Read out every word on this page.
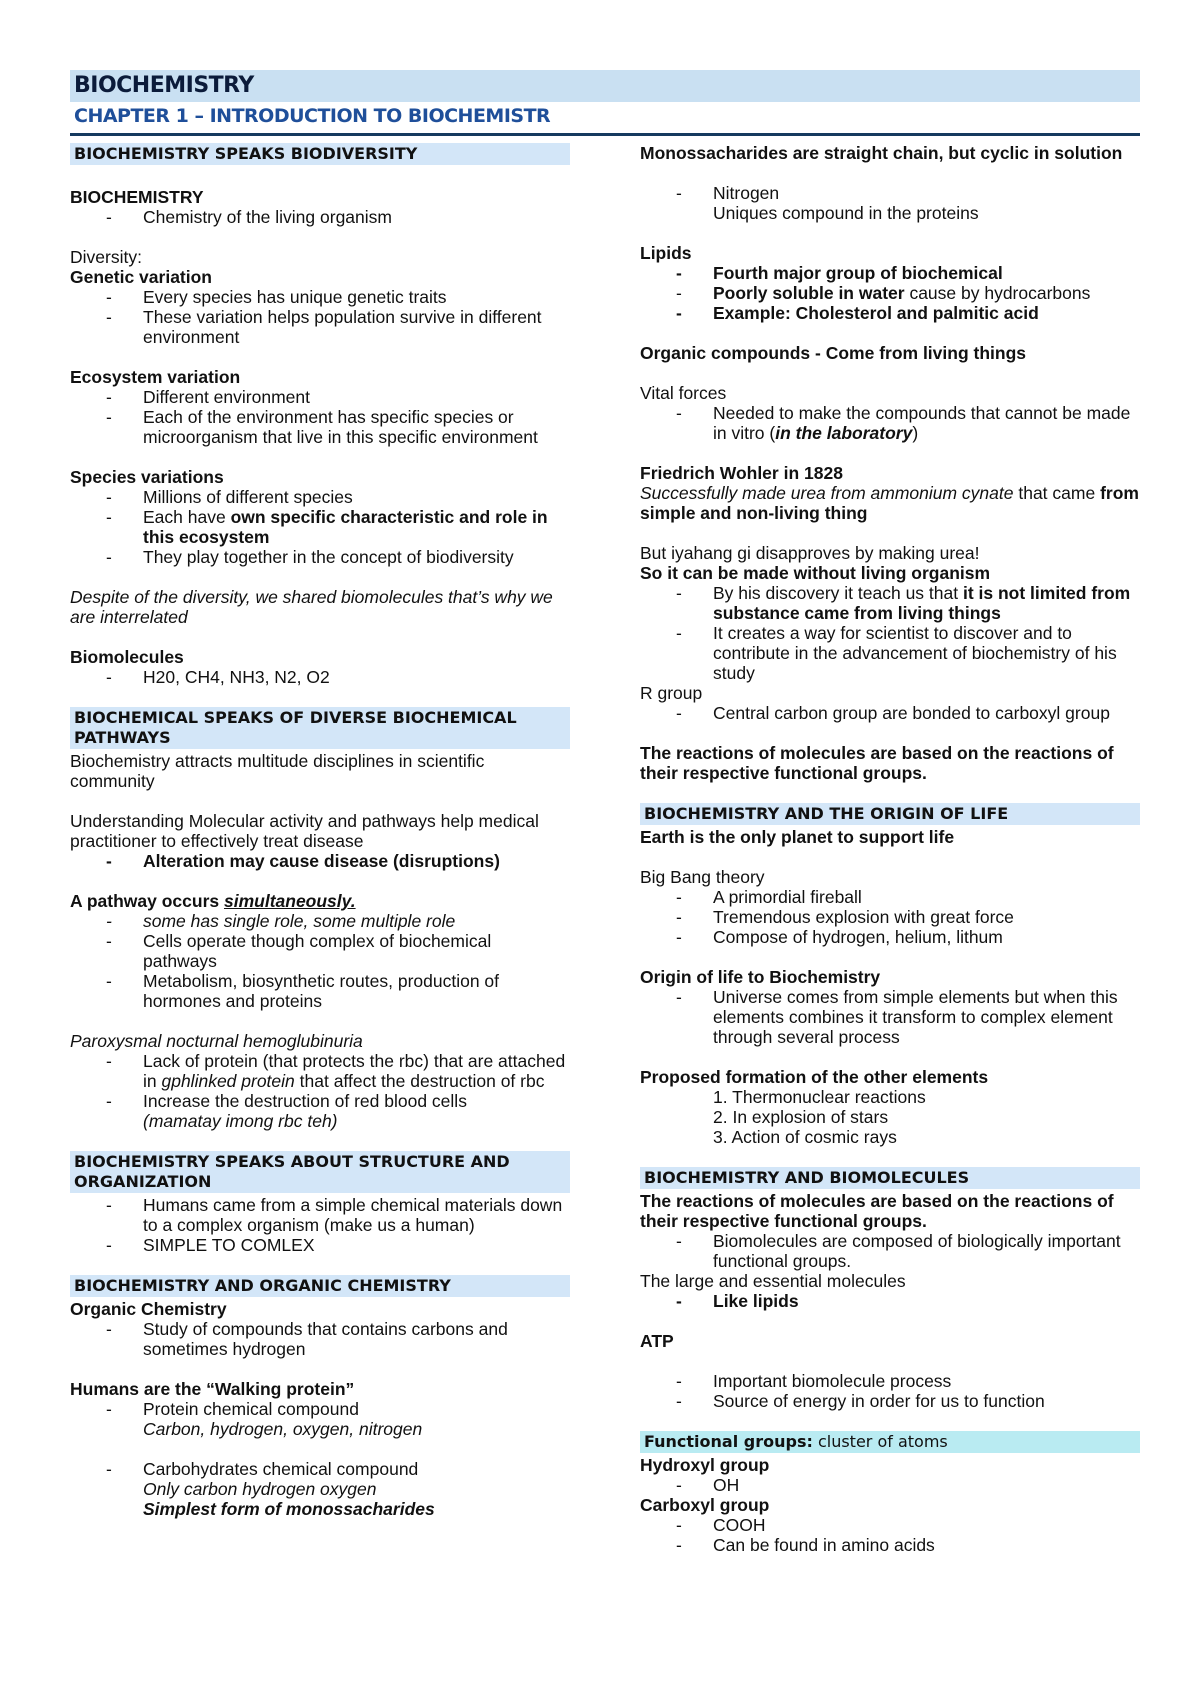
BIOCHEMISTRY
CHAPTER 1 – INTRODUCTION TO BIOCHEMISTR
BIOCHEMISTRY SPEAKS BIODIVERSITY

BIOCHEMISTRY

- Chemistry of the living organism

Diversity:

Genetic variation

- Every species has unique genetic traits
- These variation helps population survive in different environment

Ecosystem variation

- Different environment
- Each of the environment has specific species or microorganism that live in this specific environment

Species variations

- Millions of different species
- Each have own specific characteristic and role in this ecosystem
- They play together in the concept of biodiversity

Despite of the diversity, we shared biomolecules that’s why we are interrelated

Biomolecules

- H20, CH4, NH3, N2, O2
BIOCHEMICAL SPEAKS OF DIVERSE BIOCHEMICAL PATHWAYS

Biochemistry attracts multitude disciplines in scientific community

Understanding Molecular activity and pathways help medical practitioner to effectively treat disease

- Alteration may cause disease (disruptions)

A pathway occurs simultaneously.

- some has single role, some multiple role
- Cells operate though complex of biochemical pathways
- Metabolism, biosynthetic routes, production of hormones and proteins

Paroxysmal nocturnal hemoglubinuria

- Lack of protein (that protects the rbc) that are attached in gphlinked protein that affect the destruction of rbc
- Increase the destruction of red blood cells
(mamatay imong rbc teh)
BIOCHEMISTRY SPEAKS ABOUT STRUCTURE AND ORGANIZATION
- Humans came from a simple chemical materials down to a complex organism (make us a human)
- SIMPLE TO COMLEX
BIOCHEMISTRY AND ORGANIC CHEMISTRY

Organic Chemistry

- Study of compounds that contains carbons and sometimes hydrogen

Humans are the “Walking protein”

- Protein chemical compound
Carbon, hydrogen, oxygen, nitrogen
- Carbohydrates chemical compound
Only carbon hydrogen oxygen
Simplest form of monossacharides

Monossacharides are straight chain, but cyclic in solution

- Nitrogen
Uniques compound in the proteins

Lipids

- Fourth major group of biochemical
- Poorly soluble in water cause by hydrocarbons
- Example: Cholesterol and palmitic acid

Organic compounds - Come from living things

Vital forces

- Needed to make the compounds that cannot be made in vitro (in the laboratory)

Friedrich Wohler in 1828

Successfully made urea from ammonium cynate that came from simple and non-living thing

But iyahang gi disapproves by making urea!

So it can be made without living organism

- By his discovery it teach us that it is not limited from substance came from living things
- It creates a way for scientist to discover and to contribute in the advancement of biochemistry of his study

R group

- Central carbon group are bonded to carboxyl group

The reactions of molecules are based on the reactions of their respective functional groups.

BIOCHEMISTRY AND THE ORIGIN OF LIFE

Earth is the only planet to support life

Big Bang theory

- A primordial fireball
- Tremendous explosion with great force
- Compose of hydrogen, helium, lithum

Origin of life to Biochemistry

- Universe comes from simple elements but when this elements combines it transform to complex element through several process

Proposed formation of the other elements

1. Thermonuclear reactions

2. In explosion of stars

3. Action of cosmic rays

BIOCHEMISTRY AND BIOMOLECULES

The reactions of molecules are based on the reactions of their respective functional groups.

- Biomolecules are composed of biologically important functional groups.

The large and essential molecules

- Like lipids

ATP

- Important biomolecule process
- Source of energy in order for us to function
Functional groups: cluster of atoms

Hydroxyl group

- OH

Carboxyl group

- COOH
- Can be found in amino acids
